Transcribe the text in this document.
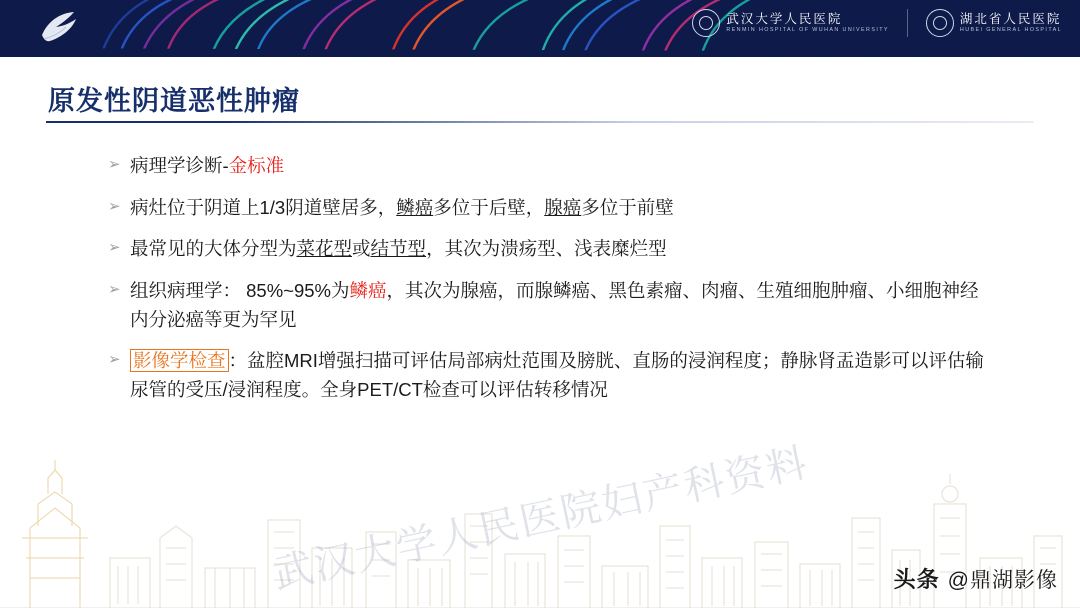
武汉大学人民医院
RENMIN HOSPITAL OF WUHAN UNIVERSITY
湖北省人民医院
HUBEI GENERAL HOSPITAL
武汉大学人民医院妇产科资料
原发性阴道恶性肿瘤
➢ 病理学诊断-金标准
➢ 病灶位于阴道上1/3阴道壁居多，鳞癌多位于后壁，腺癌多位于前壁
➢ 最常见的大体分型为菜花型或结节型，其次为溃疡型、浅表糜烂型
➢ 组织病理学： 85%~95%为鳞癌，其次为腺癌，而腺鳞癌、黑色素瘤、肉瘤、生殖细胞肿瘤、小细胞神经内分泌癌等更为罕见
➢ 影像学检查 ：盆腔MRI增强扫描可评估局部病灶范围及膀胱、直肠的浸润程度；静脉肾盂造影可以评估输尿管的受压/浸润程度。全身PET/CT检查可以评估转移情况
头条 @鼎湖影像
